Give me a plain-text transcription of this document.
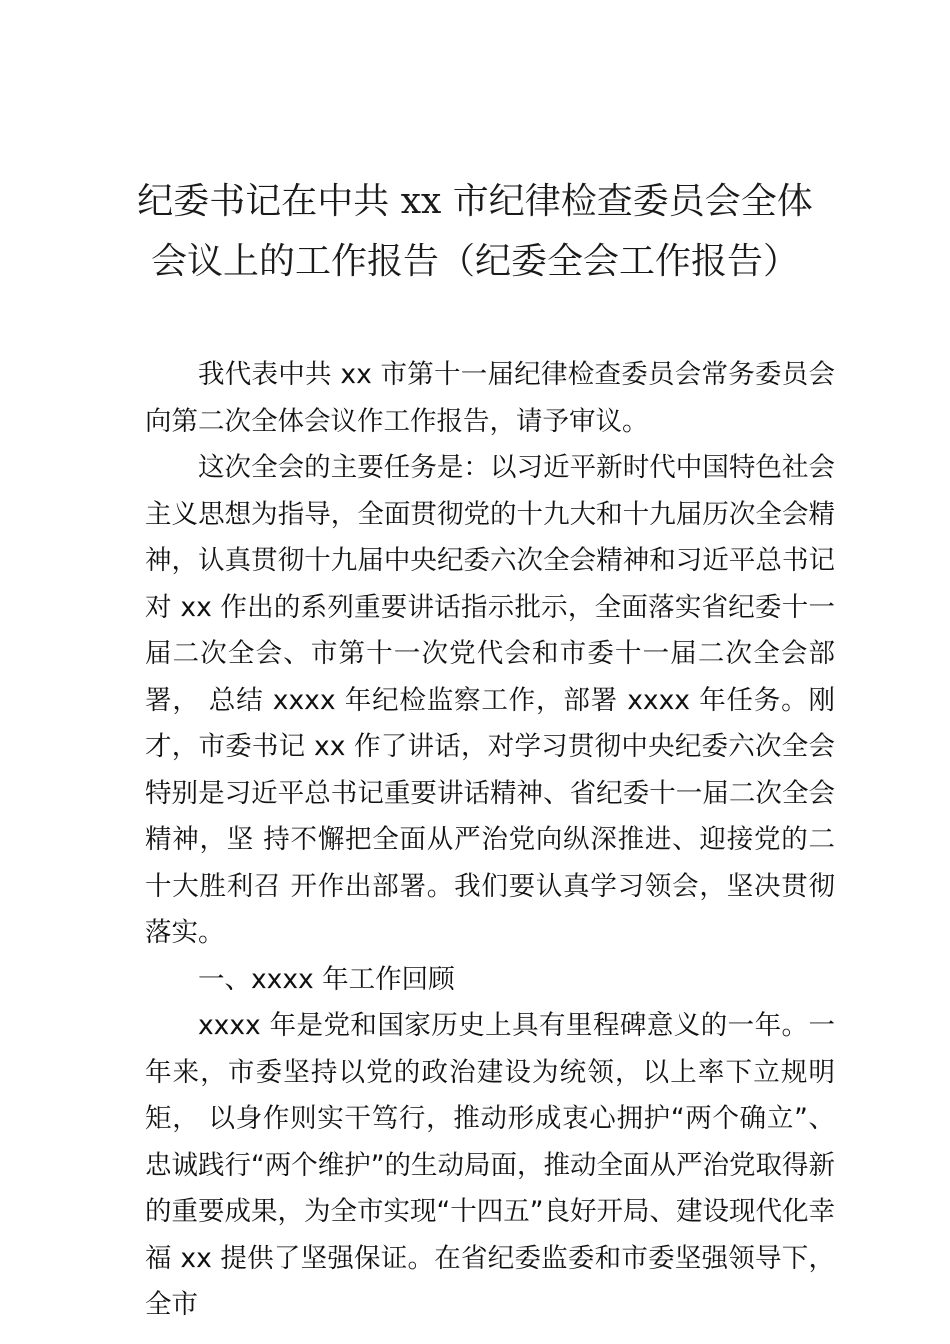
纪委书记在中共 xx 市纪律检查委员会全体
会议上的工作报告（纪委全会工作报告）

我代表中共 xx 市第十一届纪律检查委员会常务委员会向第二次全体会议作工作报告，请予审议。

这次全会的主要任务是：以习近平新时代中国特色社会主义思想为指导，全面贯彻党的十九大和十九届历次全会精神，认真贯彻十九届中央纪委六次全会精神和习近平总书记 对 xx 作出的系列重要讲话指示批示，全面落实省纪委十一届二次全会、市第十一次党代会和市委十一届二次全会部署， 总结 xxxx 年纪检监察工作，部署 xxxx 年任务。刚才，市委书记 xx 作了讲话，对学习贯彻中央纪委六次全会特别是习近平总书记重要讲话精神、省纪委十一届二次全会精神，坚 持不懈把全面从严治党向纵深推进、迎接党的二十大胜利召 开作出部署。我们要认真学习领会，坚决贯彻落实。

一、xxxx 年工作回顾

xxxx 年是党和国家历史上具有里程碑意义的一年。一年来，市委坚持以党的政治建设为统领，以上率下立规明矩， 以身作则实干笃行，推动形成衷心拥护“两个确立”、忠诚践行“两个维护”的生动局面，推动全面从严治党取得新的重要成果，为全市实现“十四五”良好开局、建设现代化幸福 xx 提供了坚强保证。在省纪委监委和市委坚强领导下，全市
